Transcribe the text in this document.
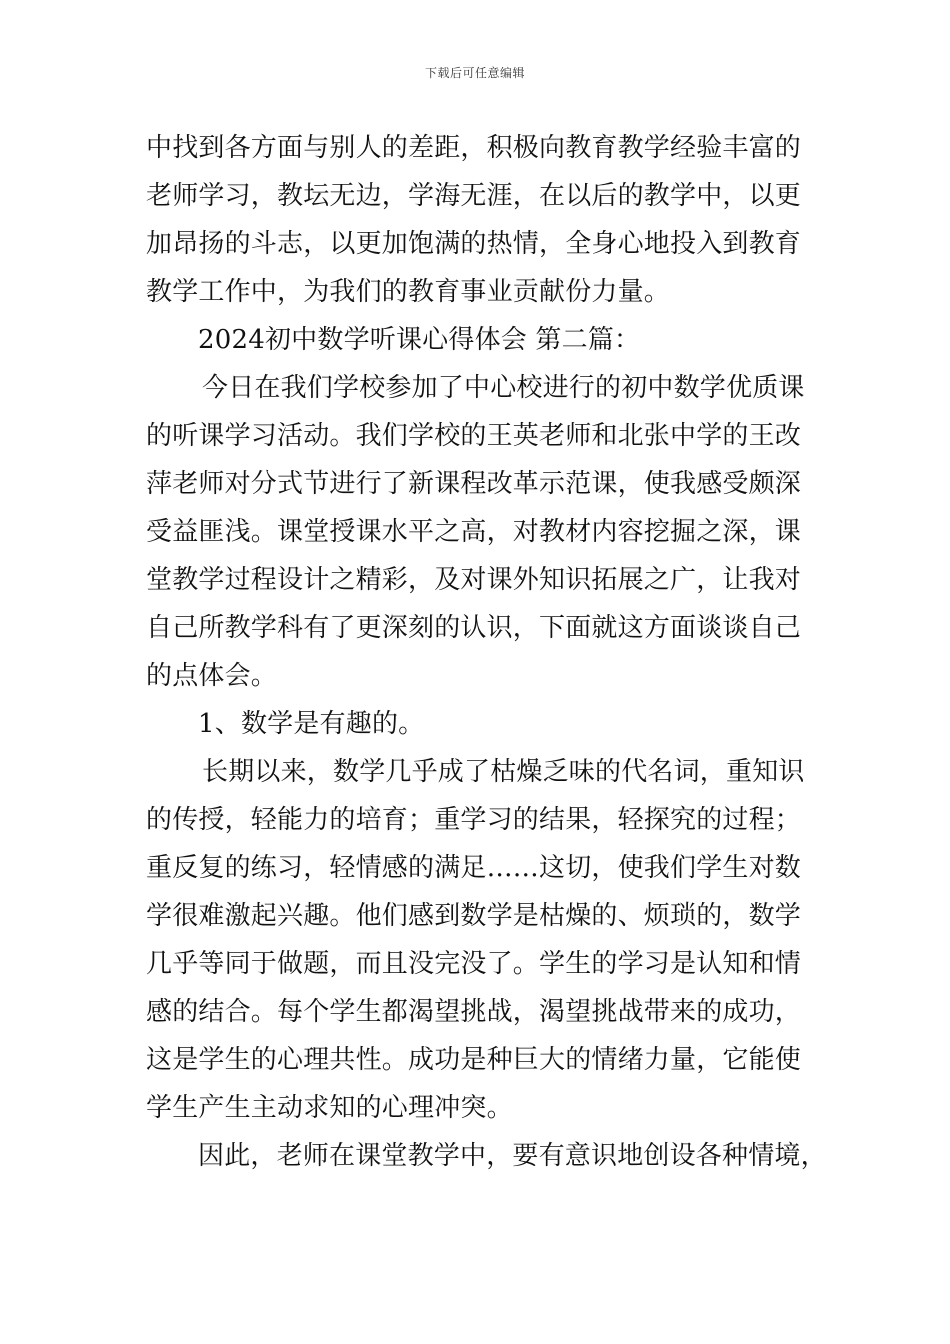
下载后可任意编辑
中找到各方面与别人的差距，积极向教育教学经验丰富的
老师学习，教坛无边，学海无涯，在以后的教学中，以更
加昂扬的斗志，以更加饱满的热情，全身心地投入到教育
教学工作中，为我们的教育事业贡献份力量。
2024初中数学听课心得体会 第二篇：
今日在我们学校参加了中心校进行的初中数学优质课
的听课学习活动。我们学校的王英老师和北张中学的王改
萍老师对分式节进行了新课程改革示范课，使我感受颇深
受益匪浅。课堂授课水平之高，对教材内容挖掘之深，课
堂教学过程设计之精彩，及对课外知识拓展之广，让我对
自己所教学科有了更深刻的认识，下面就这方面谈谈自己
的点体会。
1、数学是有趣的。
长期以来，数学几乎成了枯燥乏味的代名词，重知识
的传授，轻能力的培育；重学习的结果，轻探究的过程；
重反复的练习，轻情感的满足……这切，使我们学生对数
学很难激起兴趣。他们感到数学是枯燥的、烦琐的，数学
几乎等同于做题，而且没完没了。学生的学习是认知和情
感的结合。每个学生都渴望挑战，渴望挑战带来的成功，
这是学生的心理共性。成功是种巨大的情绪力量，它能使
学生产生主动求知的心理冲突。
因此，老师在课堂教学中，要有意识地创设各种情境，
